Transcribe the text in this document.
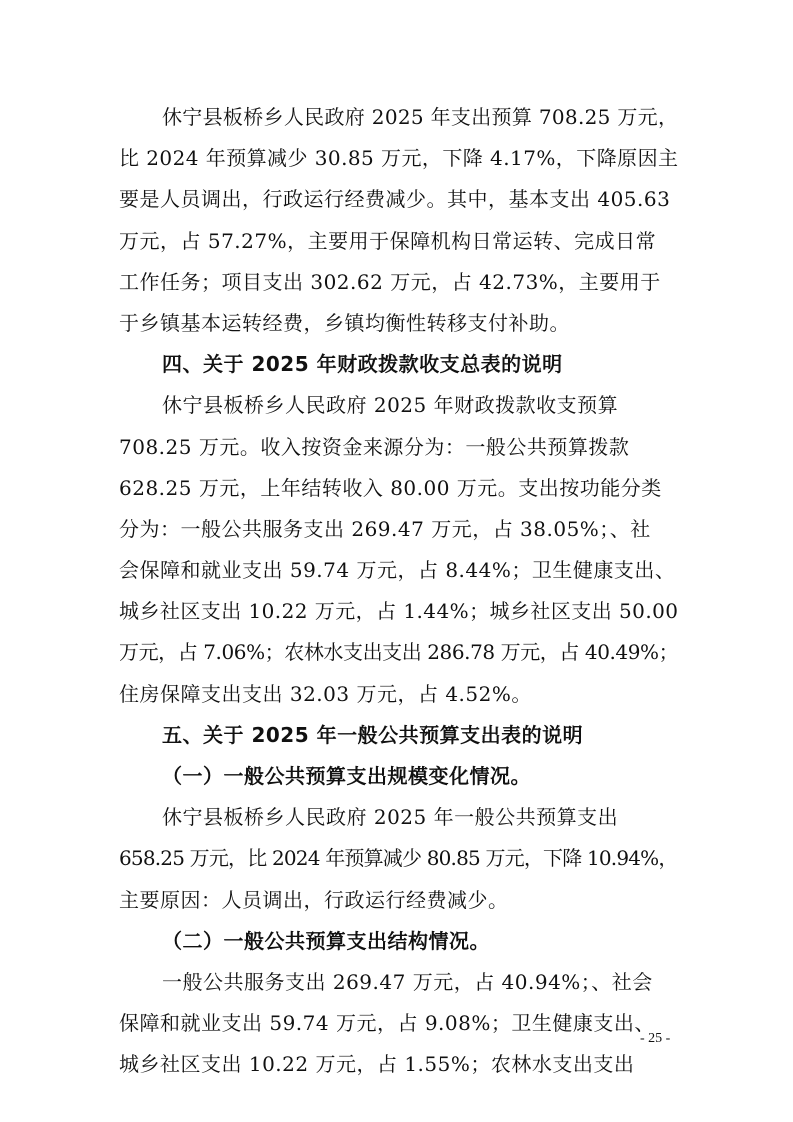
休宁县板桥乡人民政府 2025 年支出预算 708.25 万元，
比 2024 年预算减少 30.85 万元，下降 4.17%，下降原因主
要是人员调出，行政运行经费减少。其中，基本支出 405.63
万元，占 57.27%，主要用于保障机构日常运转、完成日常
工作任务；项目支出 302.62 万元，占 42.73%，主要用于
于乡镇基本运转经费，乡镇均衡性转移支付补助。
四、关于 2025 年财政拨款收支总表的说明
休宁县板桥乡人民政府 2025 年财政拨款收支预算
708.25 万元。收入按资金来源分为：一般公共预算拨款
628.25 万元，上年结转收入 80.00 万元。支出按功能分类
分为：一般公共服务支出 269.47 万元，占 38.05%；、社
会保障和就业支出 59.74 万元，占 8.44%；卫生健康支出、
城乡社区支出 10.22 万元，占 1.44%；城乡社区支出 50.00
万元，占 7.06%；农林水支出支出 286.78 万元，占 40.49%；
住房保障支出支出 32.03 万元，占 4.52%。
五、关于 2025 年一般公共预算支出表的说明
（一）一般公共预算支出规模变化情况。
休宁县板桥乡人民政府 2025 年一般公共预算支出
658.25 万元，比 2024 年预算减少 80.85 万元，下降 10.94%，
主要原因：人员调出，行政运行经费减少。
（二）一般公共预算支出结构情况。
一般公共服务支出 269.47 万元，占 40.94%；、社会
保障和就业支出 59.74 万元，占 9.08%；卫生健康支出、
城乡社区支出 10.22 万元，占 1.55%；农林水支出支出
- 25 -
